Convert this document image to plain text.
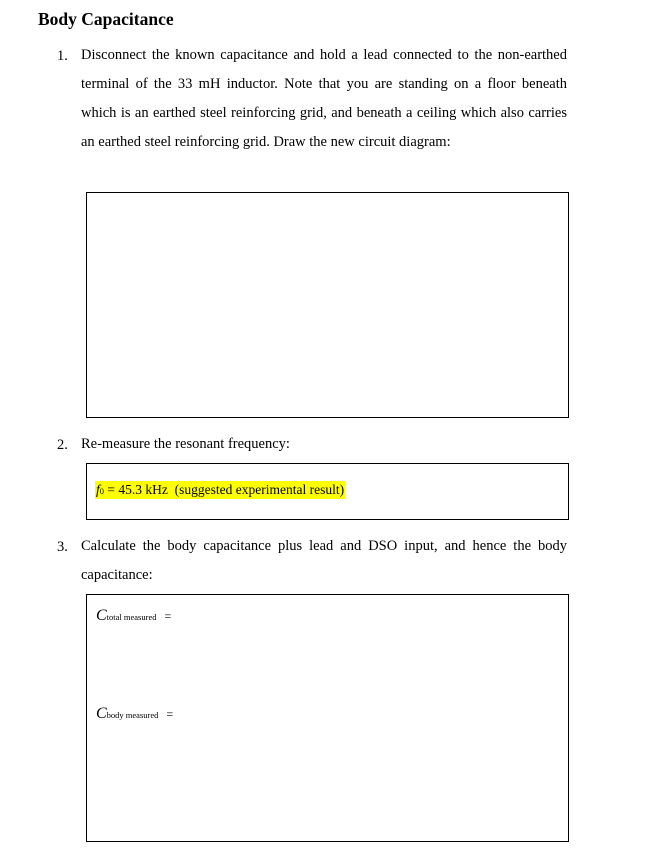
Body Capacitance
1. Disconnect the known capacitance and hold a lead connected to the non-earthed terminal of the 33 mH inductor. Note that you are standing on a floor beneath which is an earthed steel reinforcing grid, and beneath a ceiling which also carries an earthed steel reinforcing grid. Draw the new circuit diagram:
2. Re-measure the resonant frequency:
f0 = 45.3 kHz (suggested experimental result)
3. Calculate the body capacitance plus lead and DSO input, and hence the body capacitance:
Ctotal measured =
Cbody measured =
